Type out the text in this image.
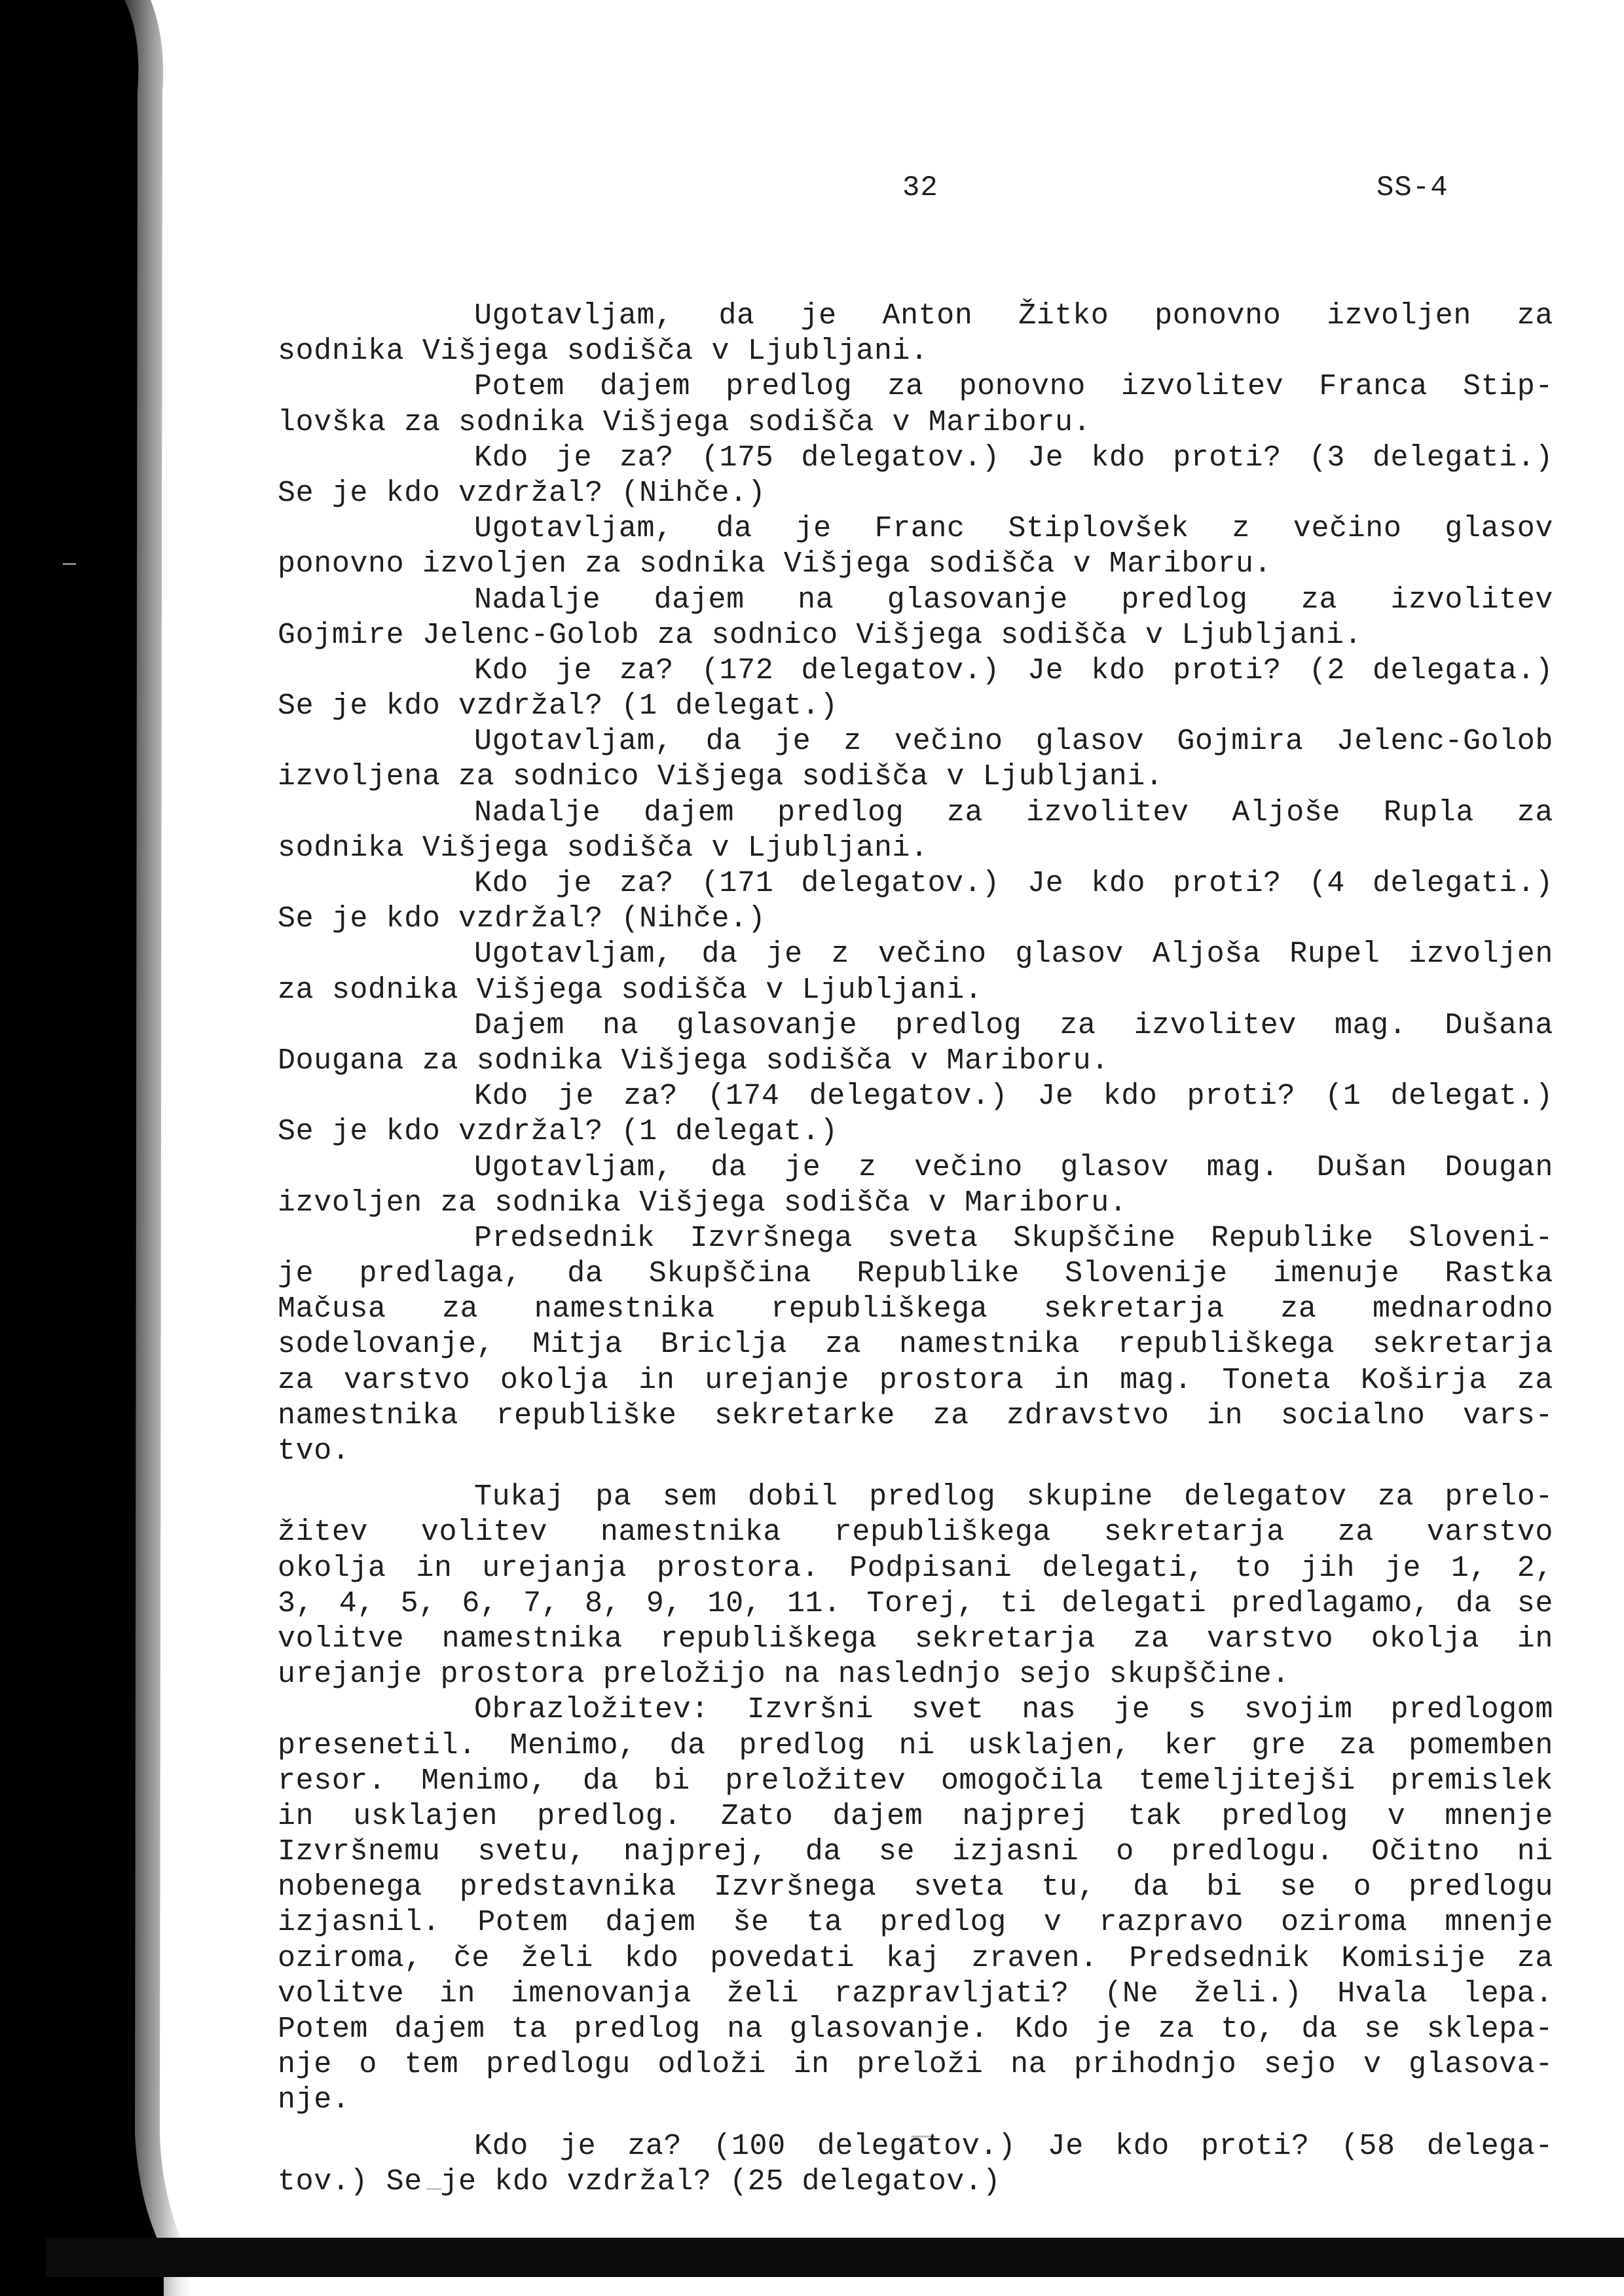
32	SS-4
Ugotavljam, da je Anton Žitko ponovno izvoljen za
sodnika Višjega sodišča v Ljubljani.
Potem dajem predlog za ponovno izvolitev Franca Stip-
lovška za sodnika Višjega sodišča v Mariboru.
Kdo je za? (175 delegatov.) Je kdo proti? (3 delegati.)
Se je kdo vzdržal? (Nihče.)
Ugotavljam, da je Franc Stiplovšek z večino glasov
ponovno izvoljen za sodnika Višjega sodišča v Mariboru.
Nadalje dajem na glasovanje predlog za izvolitev
Gojmire Jelenc-Golob za sodnico Višjega sodišča v Ljubljani.
Kdo je za? (172 delegatov.) Je kdo proti? (2 delegata.)
Se je kdo vzdržal? (1 delegat.)
Ugotavljam, da je z večino glasov Gojmira Jelenc-Golob
izvoljena za sodnico Višjega sodišča v Ljubljani.
Nadalje dajem predlog za izvolitev Aljoše Rupla za
sodnika Višjega sodišča v Ljubljani.
Kdo je za? (171 delegatov.) Je kdo proti? (4 delegati.)
Se je kdo vzdržal? (Nihče.)
Ugotavljam, da je z večino glasov Aljoša Rupel izvoljen
za sodnika Višjega sodišča v Ljubljani.
Dajem na glasovanje predlog za izvolitev mag. Dušana
Dougana za sodnika Višjega sodišča v Mariboru.
Kdo je za? (174 delegatov.) Je kdo proti? (1 delegat.)
Se je kdo vzdržal? (1 delegat.)
Ugotavljam, da je z večino glasov mag. Dušan Dougan
izvoljen za sodnika Višjega sodišča v Mariboru.
Predsednik Izvršnega sveta Skupščine Republike Sloveni-
je predlaga, da Skupščina Republike Slovenije imenuje Rastka
Mačusa za namestnika republiškega sekretarja za mednarodno
sodelovanje, Mitja Briclja za namestnika republiškega sekretarja
za varstvo okolja in urejanje prostora in mag. Toneta Koširja za
namestnika republiške sekretarke za zdravstvo in socialno vars-
tvo.
Tukaj pa sem dobil predlog skupine delegatov za prelo-
žitev volitev namestnika republiškega sekretarja za varstvo
okolja in urejanja prostora. Podpisani delegati, to jih je 1, 2,
3, 4, 5, 6, 7, 8, 9, 10, 11. Torej, ti delegati predlagamo, da se
volitve namestnika republiškega sekretarja za varstvo okolja in
urejanje prostora preložijo na naslednjo sejo skupščine.
Obrazložitev: Izvršni svet nas je s svojim predlogom
presenetil. Menimo, da predlog ni usklajen, ker gre za pomemben
resor. Menimo, da bi preložitev omogočila temeljitejši premislek
in usklajen predlog. Zato dajem najprej tak predlog v mnenje
Izvršnemu svetu, najprej, da se izjasni o predlogu. Očitno ni
nobenega predstavnika Izvršnega sveta tu, da bi se o predlogu
izjasnil. Potem dajem še ta predlog v razpravo oziroma mnenje
oziroma, če želi kdo povedati kaj zraven. Predsednik Komisije za
volitve in imenovanja želi razpravljati? (Ne želi.) Hvala lepa.
Potem dajem ta predlog na glasovanje. Kdo je za to, da se sklepa-
nje o tem predlogu odloži in preloži na prihodnjo sejo v glasova-
nje.
Kdo je za? (100 delegatov.) Je kdo proti? (58 delega-
tov.) Se je kdo vzdržal? (25 delegatov.)
